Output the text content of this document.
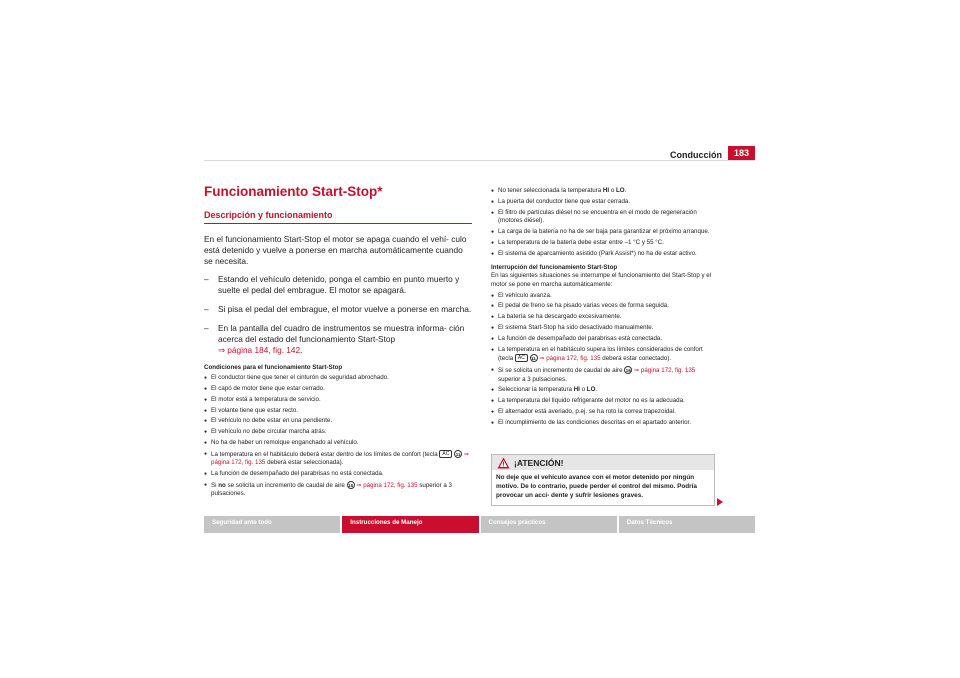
Conducción	183
Funcionamiento Start-Stop*
Descripción y funcionamiento

En el funcionamiento Start-Stop el motor se apaga cuando el vehí- culo está detenido y vuelve a ponerse en marcha automáticamente cuando se necesita.

– Estando el vehículo detenido, ponga el cambio en punto muerto y suelte el pedal del embrague. El motor se apagará.
– Si pisa el pedal del embrague, el motor vuelve a ponerse en marcha.
– En la pantalla del cuadro de instrumentos se muestra informa- ción acerca del estado del funcionamiento Start-Stop
⇒ página 184, fig. 142.
Condiciones para el funcionamiento Start-Stop
● El conductor tiene que tener el cinturón de seguridad abrochado.
● El capó de motor tiene que estar cerrado.
● El motor está a temperatura de servicio.
● El volante tiene que estar recto.
● El vehículo no debe estar en una pendiente.
● El vehículo no debe circular marcha atrás.
● No ha de haber un remolque enganchado al vehículo.
● La temperatura en el habitáculo deberá estar dentro de los límites de confort (tecla AC 11 ⇒ página 172, fig. 135 deberá estar seleccionada).
● La función de desempañado del parabrisas no está conectada.
● Si no se solicita un incremento de caudal de aire 16 ⇒ página 172, fig. 135 superior a 3 pulsaciones.
● No tener seleccionada la temperatura HI o LO.
● La puerta del conductor tiene que estar cerrada.
● El filtro de partículas diésel no se encuentra en el modo de regeneración (motores diésel).
● La carga de la batería no ha de ser baja para garantizar el próximo arranque.
● La temperatura de la batería debe estar entre –1 °C y 55 °C.
● El sistema de aparcamiento asistido (Park Assist*) no ha de estar activo.
Interrupción del funcionamiento Start-Stop

En las siguientes situaciones se interrumpe el funcionamiento del Start-Stop y el motor se pone en marcha automáticamente:

● El vehículo avanza.
● El pedal de freno se ha pisado varias veces de forma seguida.
● La batería se ha descargado excesivamente.
● El sistema Start-Stop ha sido desactivado manualmente.
● La función de desempañado del parabrisas está conectada.
● La temperatura en el habitáculo supera los límites considerados de confort (tecla AC 11 ⇒ página 172, fig. 135 deberá estar conectado).
● Si se solicita un incremento de caudal de aire 16 ⇒ página 172, fig. 135 superior a 3 pulsaciones.
● Seleccionar la temperatura HI o LO.
● La temperatura del líquido refrigerante del motor no es la adecuada.
● El alternador está averiado, p.ej. se ha roto la correa trapezoidal.
● El incumplimiento de las condiciones descritas en el apartado anterior.
¡ATENCIÓN!
No deje que el vehículo avance con el motor detenido por ningún motivo. De lo contrario, puede perder el control del mismo. Podría provocar un acci- dente y sufrir lesiones graves.
Seguridad ante todo	Instrucciones de Manejo	Consejos prácticos	Datos Técnicos
